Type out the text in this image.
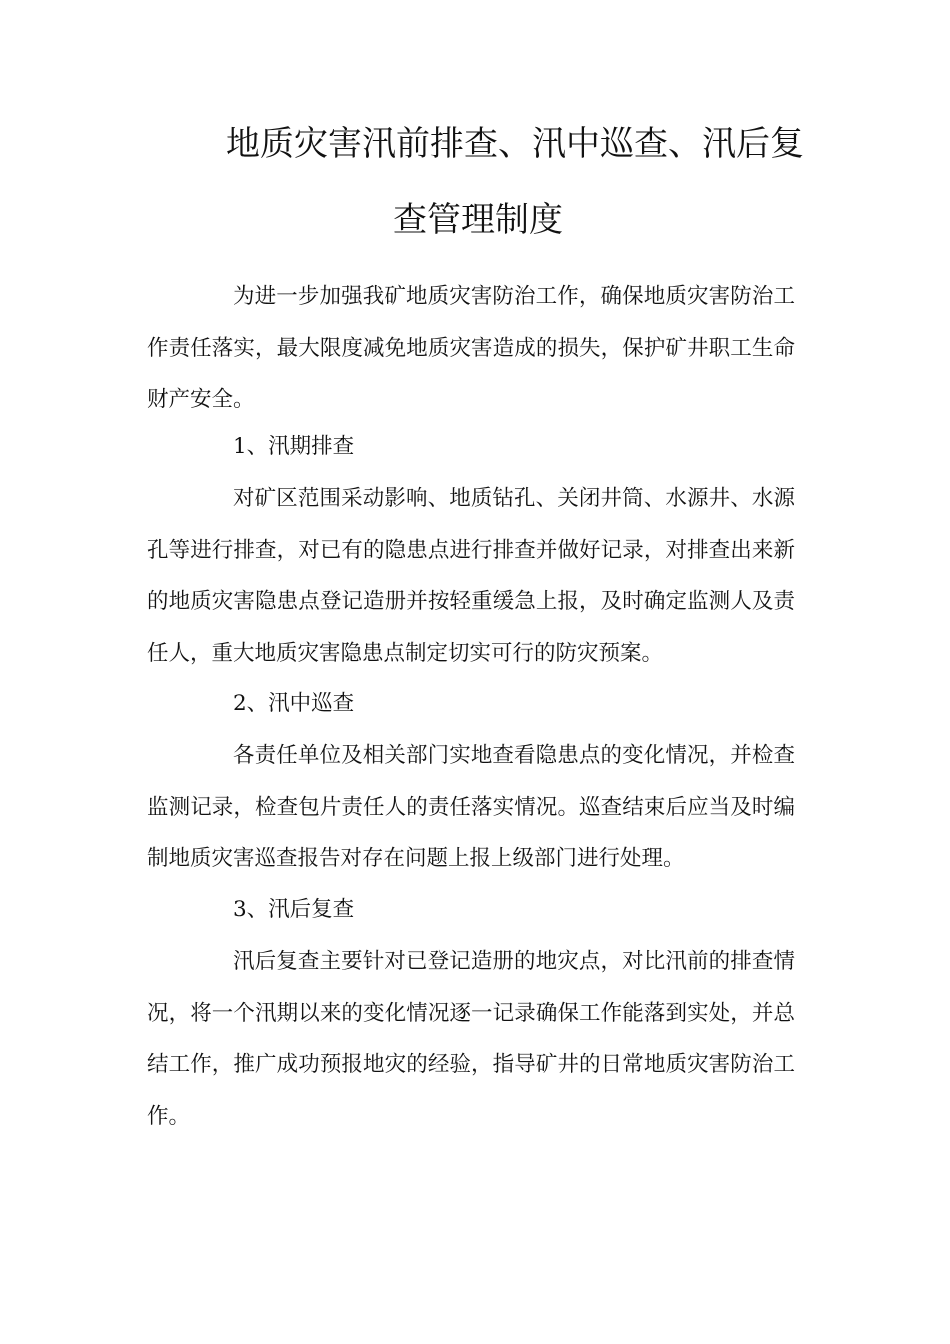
地质灾害汛前排查、汛中巡查、汛后复
查管理制度

为进一步加强我矿地质灾害防治工作，确保地质灾害防治工作责任落实，最大限度减免地质灾害造成的损失，保护矿井职工生命财产安全。

1、汛期排查

对矿区范围采动影响、地质钻孔、关闭井筒、水源井、水源孔等进行排查，对已有的隐患点进行排查并做好记录，对排查出来新的地质灾害隐患点登记造册并按轻重缓急上报，及时确定监测人及责任人，重大地质灾害隐患点制定切实可行的防灾预案。

2、汛中巡查

各责任单位及相关部门实地查看隐患点的变化情况，并检查监测记录，检查包片责任人的责任落实情况。巡查结束后应当及时编制地质灾害巡查报告对存在问题上报上级部门进行处理。

3、汛后复查

汛后复查主要针对已登记造册的地灾点，对比汛前的排查情况，将一个汛期以来的变化情况逐一记录确保工作能落到实处，并总结工作，推广成功预报地灾的经验，指导矿井的日常地质灾害防治工作。
